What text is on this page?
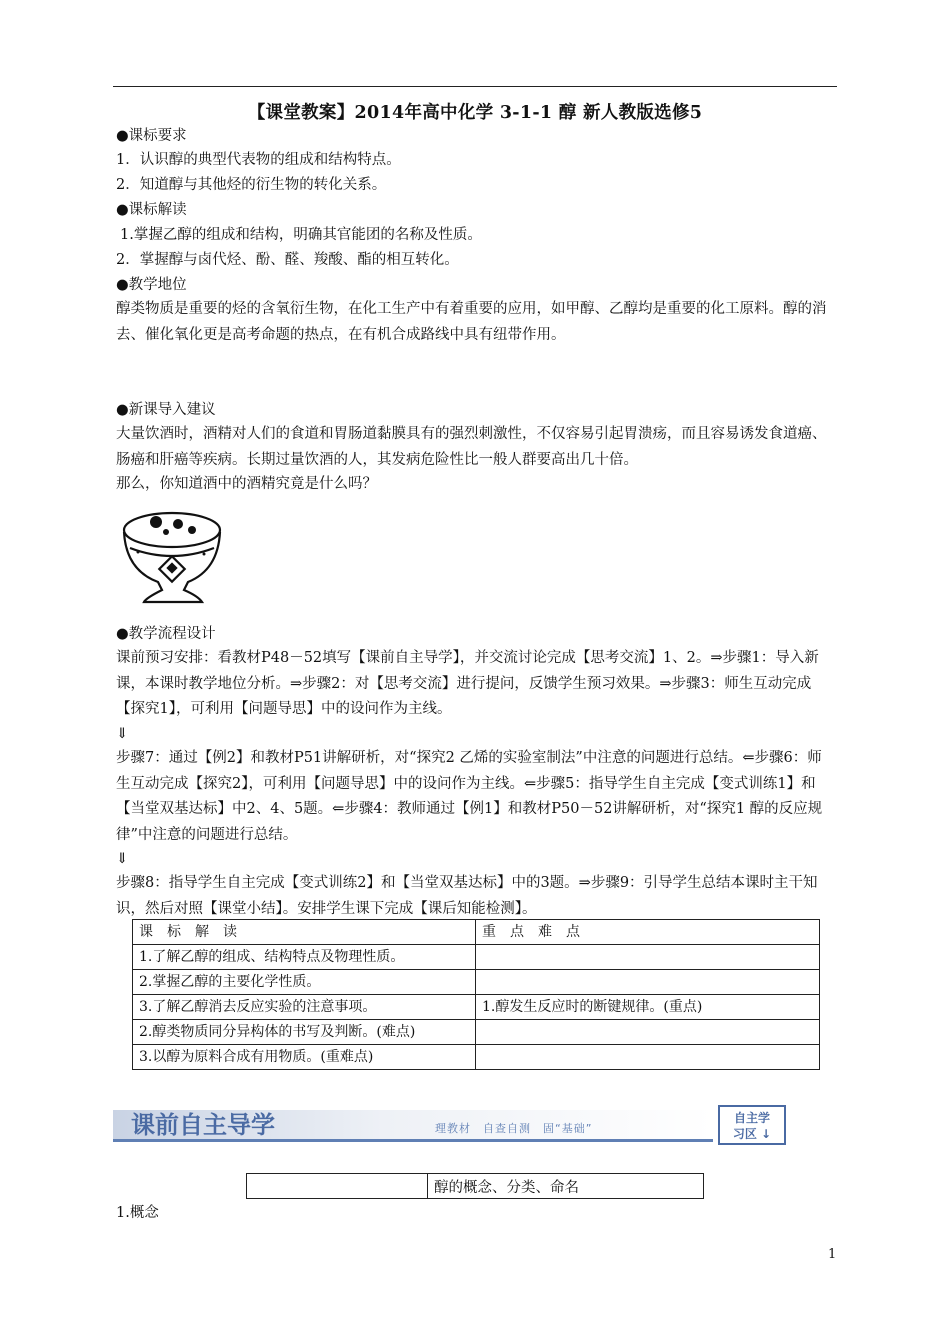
【课堂教案】2014年高中化学 3-1-1 醇 新人教版选修5
●课标要求
1．认识醇的典型代表物的组成和结构特点。
2．知道醇与其他烃的衍生物的转化关系。
●课标解读
1.掌握乙醇的组成和结构，明确其官能团的名称及性质。
2．掌握醇与卤代烃、酚、醛、羧酸、酯的相互转化。
●教学地位
醇类物质是重要的烃的含氧衍生物，在化工生产中有着重要的应用，如甲醇、乙醇均是重要的化工原料。醇的消去、催化氧化更是高考命题的热点，在有机合成路线中具有纽带作用。
●新课导入建议
大量饮酒时，酒精对人们的食道和胃肠道黏膜具有的强烈刺激性，不仅容易引起胃溃疡，而且容易诱发食道癌、肠癌和肝癌等疾病。长期过量饮酒的人，其发病危险性比一般人群要高出几十倍。
那么，你知道酒中的酒精究竟是什么吗？
●教学流程设计
课前预习安排：看教材P48－52填写【课前自主导学】，并交流讨论完成【思考交流】1、2。⇒步骤1：导入新课，本课时教学地位分析。⇒步骤2：对【思考交流】进行提问，反馈学生预习效果。⇒步骤3：师生互动完成【探究1】，可利用【问题导思】中的设问作为主线。
⇓
步骤7：通过【例2】和教材P51讲解研析，对“探究2 乙烯的实验室制法”中注意的问题进行总结。⇐步骤6：师生互动完成【探究2】，可利用【问题导思】中的设问作为主线。⇐步骤5：指导学生自主完成【变式训练1】和【当堂双基达标】中2、4、5题。⇐步骤4：教师通过【例1】和教材P50－52讲解研析，对“探究1 醇的反应规律”中注意的问题进行总结。
⇓
步骤8：指导学生自主完成【变式训练2】和【当堂双基达标】中的3题。⇒步骤9：引导学生总结本课时主干知识，然后对照【课堂小结】。安排学生课下完成【课后知能检测】。
课　标　解　读	重　点　难　点
1.了解乙醇的组成、结构特点及物理性质。	
2.掌握乙醇的主要化学性质。	
3.了解乙醇消去反应实验的注意事项。	1.醇发生反应时的断键规律。(重点)
2.醇类物质同分异构体的书写及判断。(难点)	
3.以醇为原料合成有用物质。(重难点)	
课前自主导学	理教材　自查自测　固“基础”
自主学
习区 ↓
	醇的概念、分类、命名
1.概念
1
